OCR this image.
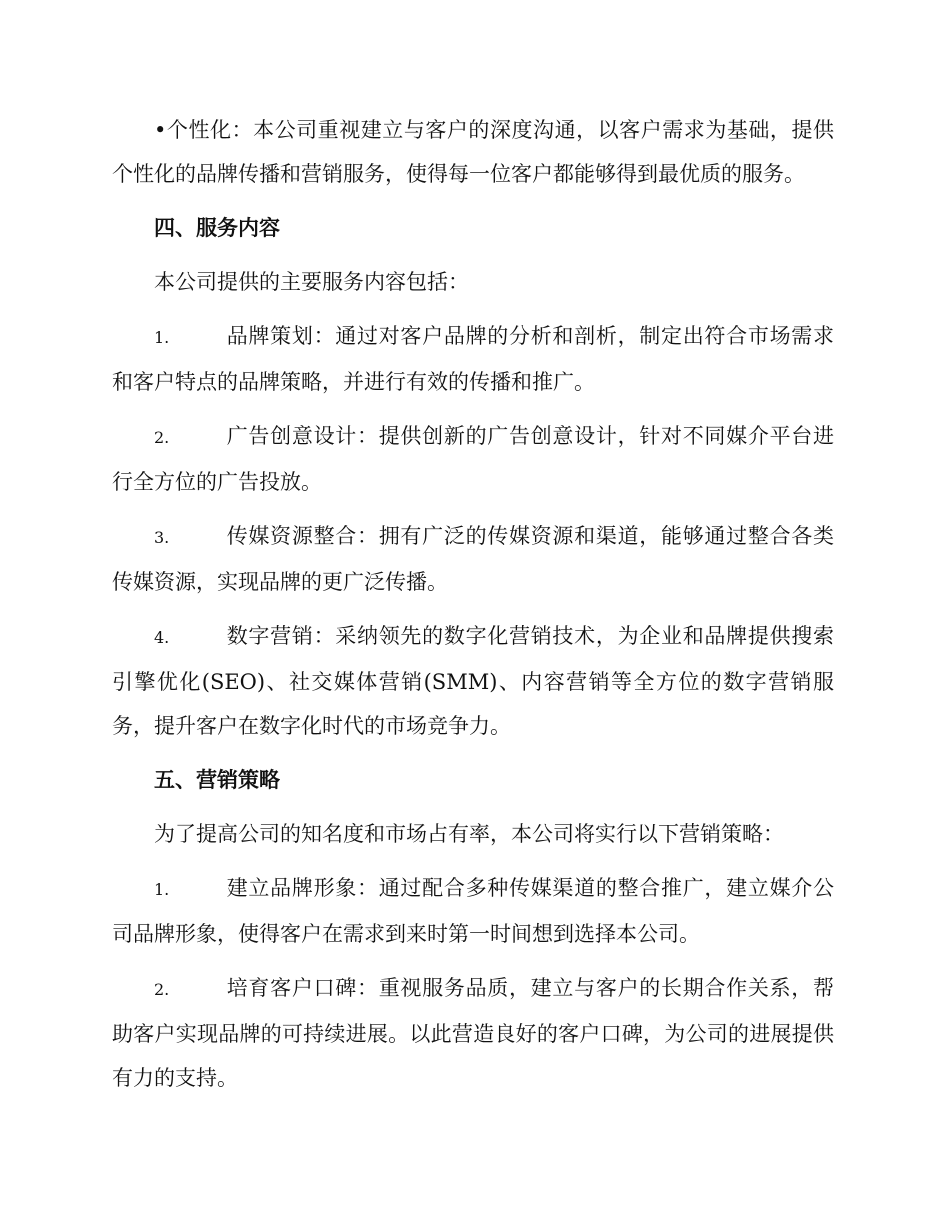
•个性化：本公司重视建立与客户的深度沟通，以客户需求为基础，提供个性化的品牌传播和营销服务，使得每一位客户都能够得到最优质的服务。

四、服务内容

本公司提供的主要服务内容包括：

1.	品牌策划：通过对客户品牌的分析和剖析，制定出符合市场需求和客户特点的品牌策略，并进行有效的传播和推广。

2.	广告创意设计：提供创新的广告创意设计，针对不同媒介平台进行全方位的广告投放。

3.	传媒资源整合：拥有广泛的传媒资源和渠道，能够通过整合各类传媒资源，实现品牌的更广泛传播。

4.	数字营销：采纳领先的数字化营销技术，为企业和品牌提供搜索引擎优化(SEO)、社交媒体营销(SMM)、内容营销等全方位的数字营销服务，提升客户在数字化时代的市场竞争力。

五、营销策略

为了提高公司的知名度和市场占有率，本公司将实行以下营销策略：

1.	建立品牌形象：通过配合多种传媒渠道的整合推广，建立媒介公司品牌形象，使得客户在需求到来时第一时间想到选择本公司。

2.	培育客户口碑：重视服务品质，建立与客户的长期合作关系，帮助客户实现品牌的可持续进展。以此营造良好的客户口碑，为公司的进展提供有力的支持。
